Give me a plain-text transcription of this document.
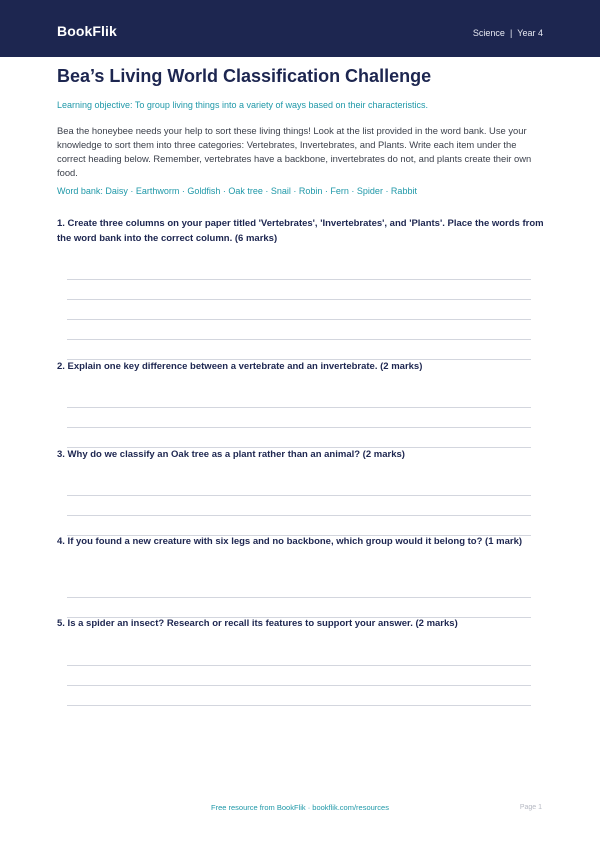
BookFlik	Science | Year 4
Bea’s Living World Classification Challenge
Learning objective: To group living things into a variety of ways based on their characteristics.
Bea the honeybee needs your help to sort these living things! Look at the list provided in the word bank. Use your knowledge to sort them into three categories: Vertebrates, Invertebrates, and Plants. Write each item under the correct heading below. Remember, vertebrates have a backbone, invertebrates do not, and plants create their own food.
Word bank: Daisy · Earthworm · Goldfish · Oak tree · Snail · Robin · Fern · Spider · Rabbit
1. Create three columns on your paper titled 'Vertebrates', 'Invertebrates', and 'Plants'. Place the words from the word bank into the correct column. (6 marks)
2. Explain one key difference between a vertebrate and an invertebrate. (2 marks)
3. Why do we classify an Oak tree as a plant rather than an animal? (2 marks)
4. If you found a new creature with six legs and no backbone, which group would it belong to? (1 mark)
5. Is a spider an insect? Research or recall its features to support your answer. (2 marks)
Free resource from BookFlik · bookflik.com/resources	Page 1
